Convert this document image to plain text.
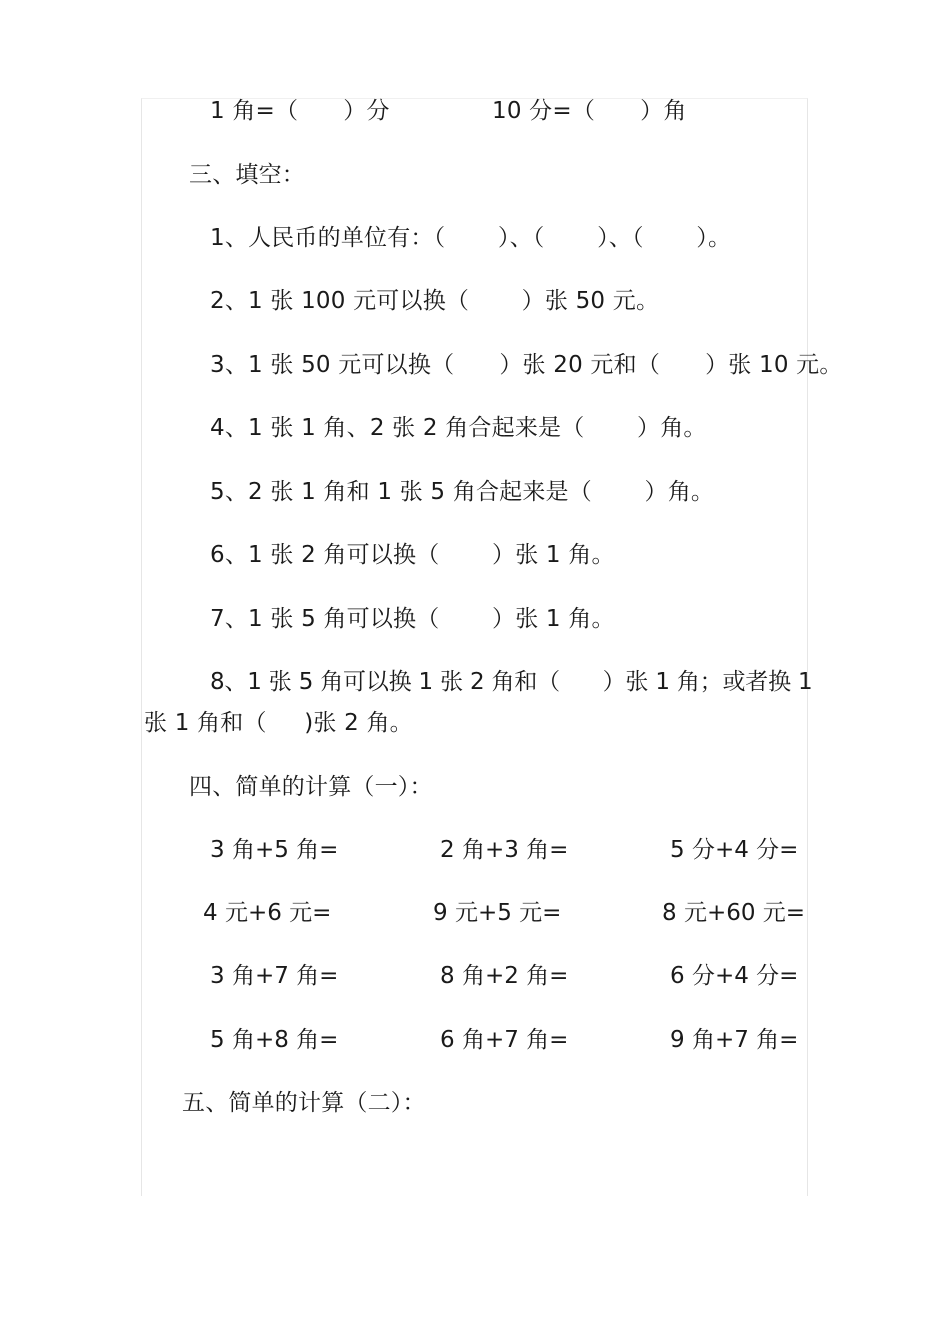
1 角=（      ）分	10 分=（      ）角
三、填空：
1、人民币的单位有：（       ）、（       ）、（       ）。
2、1 张 100 元可以换（       ）张 50 元。
3、1 张 50 元可以换（      ）张 20 元和（      ）张 10 元。
4、1 张 1 角、2 张 2 角合起来是（       ）角。
5、2 张 1 角和 1 张 5 角合起来是（       ）角。
6、1 张 2 角可以换（       ）张 1 角。
7、1 张 5 角可以换（       ）张 1 角。
8、1 张 5 角可以换 1 张 2 角和（      ）张 1 角；或者换 1
张 1 角和（     )张 2 角。
四、简单的计算（一）：
3 角+5 角=	2 角+3 角=	5 分+4 分=
4 元+6 元=	9 元+5 元=	8 元+60 元=
3 角+7 角=	8 角+2 角=	6 分+4 分=
5 角+8 角=	6 角+7 角=	9 角+7 角=
五、简单的计算（二）：
